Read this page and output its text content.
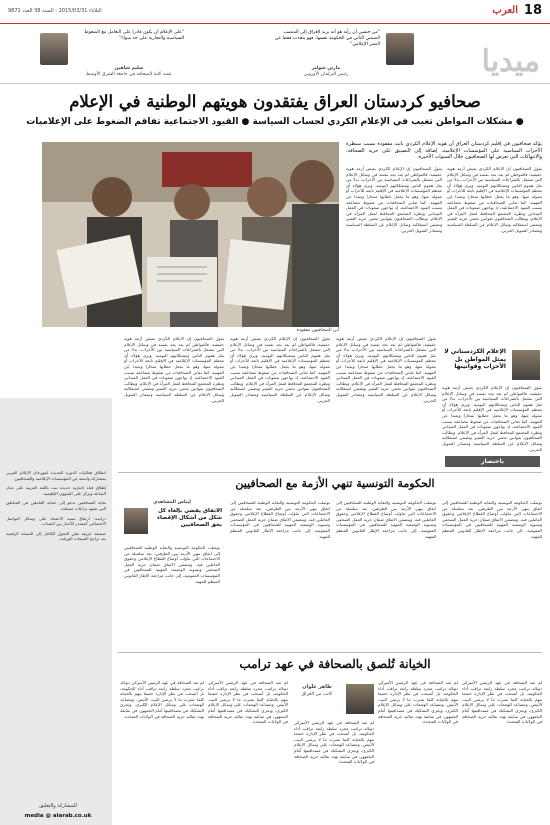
18
العرب
الثلاثاء 2015/03/31 - السنة 38 العدد 9871
"من جنسي أن رأيه هو أنه يريد العراق إلى المنصب الضمني الثاني في الحكومة نفسها، فهو يتحدث فقط عن النصر الإعلامي"
مارتن شولتز
رئيس البرلمان الأوروبي
"على الإعلام أن يكون قادرا على التعامل مع الضغوط السياسية والتجارية على حد سواء"
سليم شاهين
عميد كلية الصحافة في جامعة الشرق الأوسط	ميديا
صحافيو كردستان العراق يفتقدون هويتهم الوطنية في الإعلام
● مشكلات المواطن تغيب في الإعلام الكردي لحساب السياسة ● القيود الاجتماعية تفاقم الضغوط على الإعلاميات
يؤكد صحافيون في إقليم كردستان العراق أن هوية الإعلام الكردي باتت مفقودة بسبب سيطرة الأحزاب السياسية على المؤسسات الإعلامية، إضافة إلى التضييق على حرية الصحافة، والانتهاكات التي تعرض لها الصحافيون خلال السنوات الأخيرة.
أين الصحافيون مفقودة
يقول الصحافيون إن الإعلام الكردي يعيش أزمة هوية حقيقية، فالمواطن لم يعد يجد نفسه في وسائل الإعلام التي تنشغل بالصراعات السياسية بين الأحزاب، بدلا من نقل هموم الناس ومشكلاتهم اليومية. ويرى هؤلاء أن معظم المؤسسات الإعلامية في الإقليم تابعة للأحزاب أو ممولة منها، وهو ما يجعل خطابها منحازا وبعيدا عن المهنية. كما تعاني الصحافيات من ضغوط مضاعفة بسبب القيود الاجتماعية، إذ يواجهن صعوبات في العمل الميداني ونظرة المجتمع المحافظ لعمل المرأة في الإعلام. ويطالب الصحافيون بقوانين تحمي حرية التعبير وتضمن استقلالية وسائل الإعلام عن السلطة السياسية ومصادر التمويل الحزبي.
يقول الصحافيون إن الإعلام الكردي يعيش أزمة هوية حقيقية، فالمواطن لم يعد يجد نفسه في وسائل الإعلام التي تنشغل بالصراعات السياسية بين الأحزاب، بدلا من نقل هموم الناس ومشكلاتهم اليومية. ويرى هؤلاء أن معظم المؤسسات الإعلامية في الإقليم تابعة للأحزاب أو ممولة منها، وهو ما يجعل خطابها منحازا وبعيدا عن المهنية. كما تعاني الصحافيات من ضغوط مضاعفة بسبب القيود الاجتماعية، إذ يواجهن صعوبات في العمل الميداني ونظرة المجتمع المحافظ لعمل المرأة في الإعلام. ويطالب الصحافيون بقوانين تحمي حرية التعبير وتضمن استقلالية وسائل الإعلام عن السلطة السياسية ومصادر التمويل الحزبي.
الإعلام الكردستاني لا يمثل المواطن بل الأحزاب وقوانينها
يقول الصحافيون إن الإعلام الكردي يعيش أزمة هوية حقيقية، فالمواطن لم يعد يجد نفسه في وسائل الإعلام التي تنشغل بالصراعات السياسية بين الأحزاب، بدلا من نقل هموم الناس ومشكلاتهم اليومية. ويرى هؤلاء أن معظم المؤسسات الإعلامية في الإقليم تابعة للأحزاب أو ممولة منها، وهو ما يجعل خطابها منحازا وبعيدا عن المهنية. كما تعاني الصحافيات من ضغوط مضاعفة بسبب القيود الاجتماعية، إذ يواجهن صعوبات في العمل الميداني ونظرة المجتمع المحافظ لعمل المرأة في الإعلام. ويطالب الصحافيون بقوانين تحمي حرية التعبير وتضمن استقلالية وسائل الإعلام عن السلطة السياسية ومصادر التمويل الحزبي.
يقول الصحافيون إن الإعلام الكردي يعيش أزمة هوية حقيقية، فالمواطن لم يعد يجد نفسه في وسائل الإعلام التي تنشغل بالصراعات السياسية بين الأحزاب، بدلا من نقل هموم الناس ومشكلاتهم اليومية. ويرى هؤلاء أن معظم المؤسسات الإعلامية في الإقليم تابعة للأحزاب أو ممولة منها، وهو ما يجعل خطابها منحازا وبعيدا عن المهنية. كما تعاني الصحافيات من ضغوط مضاعفة بسبب القيود الاجتماعية، إذ يواجهن صعوبات في العمل الميداني ونظرة المجتمع المحافظ لعمل المرأة في الإعلام. ويطالب الصحافيون بقوانين تحمي حرية التعبير وتضمن استقلالية وسائل الإعلام عن السلطة السياسية ومصادر التمويل الحزبي.
يقول الصحافيون إن الإعلام الكردي يعيش أزمة هوية حقيقية، فالمواطن لم يعد يجد نفسه في وسائل الإعلام التي تنشغل بالصراعات السياسية بين الأحزاب، بدلا من نقل هموم الناس ومشكلاتهم اليومية. ويرى هؤلاء أن معظم المؤسسات الإعلامية في الإقليم تابعة للأحزاب أو ممولة منها، وهو ما يجعل خطابها منحازا وبعيدا عن المهنية. كما تعاني الصحافيات من ضغوط مضاعفة بسبب القيود الاجتماعية، إذ يواجهن صعوبات في العمل الميداني ونظرة المجتمع المحافظ لعمل المرأة في الإعلام. ويطالب الصحافيون بقوانين تحمي حرية التعبير وتضمن استقلالية وسائل الإعلام عن السلطة السياسية ومصادر التمويل الحزبي.
يقول الصحافيون إن الإعلام الكردي يعيش أزمة هوية حقيقية، فالمواطن لم يعد يجد نفسه في وسائل الإعلام التي تنشغل بالصراعات السياسية بين الأحزاب، بدلا من نقل هموم الناس ومشكلاتهم اليومية. ويرى هؤلاء أن معظم المؤسسات الإعلامية في الإقليم تابعة للأحزاب أو ممولة منها، وهو ما يجعل خطابها منحازا وبعيدا عن المهنية. كما تعاني الصحافيات من ضغوط مضاعفة بسبب القيود الاجتماعية، إذ يواجهن صعوبات في العمل الميداني ونظرة المجتمع المحافظ لعمل المرأة في الإعلام. ويطالب الصحافيون بقوانين تحمي حرية التعبير وتضمن استقلالية وسائل الإعلام عن السلطة السياسية ومصادر التمويل الحزبي.
باختصار

انطلاق فعاليات الدورة الجديدة لمهرجان الإعلام العربي بمشاركة واسعة من المؤسسات الإعلامية والصحافيين.

إطلاق قناة إخبارية جديدة تبث باللغة العربية على مدار الساعة وتركز على الشؤون الإقليمية.

نقابة الصحافيين تدعو إلى حماية العاملين في المناطق التي تشهد نزاعات مسلحة.

دراسة: ارتفاع نسبة الاعتماد على وسائل التواصل الاجتماعي كمصدر للأخبار بين الشباب.

صحيفة عريقة تعلن التحول الكامل إلى النسخة الرقمية بعد تراجع المبيعات الورقية.

للمشاركة والتعليق
media @ alarab.co.uk
الحكومة التونسية تنهي الأزمة مع الصحافيين
توصلت الحكومة التونسية والنقابة الوطنية للصحافيين إلى اتفاق ينهي الأزمة بين الطرفين، بعد سلسلة من الاجتماعات التي تناولت أوضاع القطاع الإعلامي وحقوق العاملين فيه. ويتضمن الاتفاق ضمان حرية العمل الصحفي وتسوية الوضعية المهنية للصحافيين في المؤسسات العمومية، إلى جانب مراجعة الإطار القانوني المنظم للمهنة.
توصلت الحكومة التونسية والنقابة الوطنية للصحافيين إلى اتفاق ينهي الأزمة بين الطرفين، بعد سلسلة من الاجتماعات التي تناولت أوضاع القطاع الإعلامي وحقوق العاملين فيه. ويتضمن الاتفاق ضمان حرية العمل الصحفي وتسوية الوضعية المهنية للصحافيين في المؤسسات العمومية، إلى جانب مراجعة الإطار القانوني المنظم للمهنة.
توصلت الحكومة التونسية والنقابة الوطنية للصحافيين إلى اتفاق ينهي الأزمة بين الطرفين، بعد سلسلة من الاجتماعات التي تناولت أوضاع القطاع الإعلامي وحقوق العاملين فيه. ويتضمن الاتفاق ضمان حرية العمل الصحفي وتسوية الوضعية المهنية للصحافيين في المؤسسات العمومية، إلى جانب مراجعة الإطار القانوني المنظم للمهنة.
إيناس المشاهدي
الاتفاق يقضي بإلغاء كل شكل من أشكال الإقصاء بحق الصحافيين
توصلت الحكومة التونسية والنقابة الوطنية للصحافيين إلى اتفاق ينهي الأزمة بين الطرفين، بعد سلسلة من الاجتماعات التي تناولت أوضاع القطاع الإعلامي وحقوق العاملين فيه. ويتضمن الاتفاق ضمان حرية العمل الصحفي وتسوية الوضعية المهنية للصحافيين في المؤسسات العمومية، إلى جانب مراجعة الإطار القانوني المنظم للمهنة.
الخيانة تُلصق بالصحافة في عهد ترامب
طاهر علوان
كاتب من العراق
لم تعد الصحافة في عهد الرئيس الأميركي دونالد ترامب مجرد سلطة رابعة تراقب أداء الحكومة، بل أصبحت في نظر الإدارة خصما يتهم بالخيانة كلما نشرت ما لا يرضي البيت الأبيض. وتتصاعد الهجمات على وسائل الإعلام الكبرى، ويجري التشكيك في مصداقيتها أمام الجمهور، في سابقة تهدد تقاليد حرية الصحافة في الولايات المتحدة.
لم تعد الصحافة في عهد الرئيس الأميركي دونالد ترامب مجرد سلطة رابعة تراقب أداء الحكومة، بل أصبحت في نظر الإدارة خصما يتهم بالخيانة كلما نشرت ما لا يرضي البيت الأبيض. وتتصاعد الهجمات على وسائل الإعلام الكبرى، ويجري التشكيك في مصداقيتها أمام الجمهور، في سابقة تهدد تقاليد حرية الصحافة في الولايات المتحدة.
لم تعد الصحافة في عهد الرئيس الأميركي دونالد ترامب مجرد سلطة رابعة تراقب أداء الحكومة، بل أصبحت في نظر الإدارة خصما يتهم بالخيانة كلما نشرت ما لا يرضي البيت الأبيض. وتتصاعد الهجمات على وسائل الإعلام الكبرى، ويجري التشكيك في مصداقيتها أمام الجمهور، في سابقة تهدد تقاليد حرية الصحافة في الولايات المتحدة.
لم تعد الصحافة في عهد الرئيس الأميركي دونالد ترامب مجرد سلطة رابعة تراقب أداء الحكومة، بل أصبحت في نظر الإدارة خصما يتهم بالخيانة كلما نشرت ما لا يرضي البيت الأبيض. وتتصاعد الهجمات على وسائل الإعلام الكبرى، ويجري التشكيك في مصداقيتها أمام الجمهور، في سابقة تهدد تقاليد حرية الصحافة في الولايات المتحدة.
لم تعد الصحافة في عهد الرئيس الأميركي دونالد ترامب مجرد سلطة رابعة تراقب أداء الحكومة، بل أصبحت في نظر الإدارة خصما يتهم بالخيانة كلما نشرت ما لا يرضي البيت الأبيض. وتتصاعد الهجمات على وسائل الإعلام الكبرى، ويجري التشكيك في مصداقيتها أمام الجمهور، في سابقة تهدد تقاليد حرية الصحافة في الولايات المتحدة.
